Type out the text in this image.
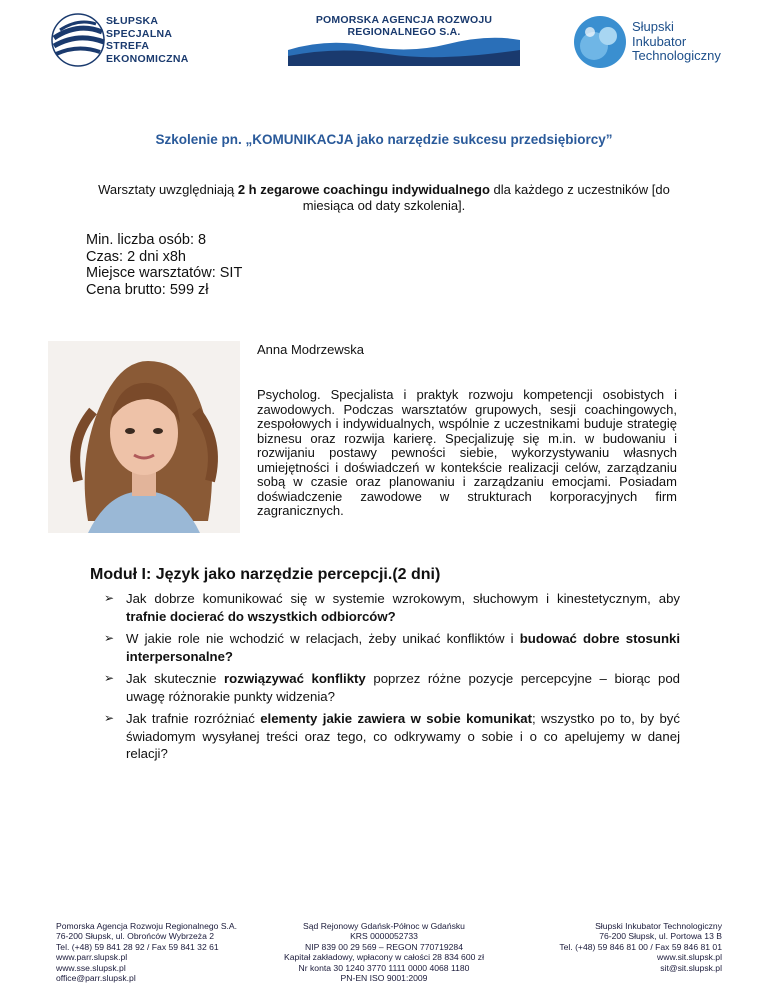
SŁUPSKA
SPECJALNA
STREFA
EKONOMICZNA
POMORSKA AGENCJA ROZWOJU
REGIONALNEGO S.A.	Słupski
Inkubator
Technologiczny
Szkolenie pn. „KOMUNIKACJA jako narzędzie sukcesu przedsiębiorcy”
Warsztaty uwzględniają 2 h zegarowe coachingu indywidualnego dla każdego z uczestników [do miesiąca od daty szkolenia].
Min. liczba osób: 8
Czas: 2 dni x8h
Miejsce warsztatów: SIT
Cena brutto: 599 zł
Anna Modrzewska
Psycholog. Specjalista i praktyk rozwoju kompetencji osobistych i zawodowych. Podczas warsztatów grupowych, sesji coachingowych, zespołowych i indywidualnych, wspólnie z uczestnikami buduje strategię biznesu oraz rozwija karierę. Specjalizuję się m.in. w budowaniu i rozwijaniu postawy pewności siebie, wykorzystywaniu własnych umiejętności i doświadczeń w kontekście realizacji celów, zarządzaniu sobą w czasie oraz planowaniu i zarządzaniu emocjami. Posiadam doświadczenie zawodowe w strukturach korporacyjnych firm zagranicznych.
Moduł I: Język jako narzędzie percepcji.(2 dni)
➢ Jak dobrze komunikować się w systemie wzrokowym, słuchowym i kinestetycznym, aby trafnie docierać do wszystkich odbiorców?
➢ W jakie role nie wchodzić w relacjach, żeby unikać konfliktów i budować dobre stosunki interpersonalne?
➢ Jak skutecznie rozwiązywać konflikty poprzez różne pozycje percepcyjne – biorąc pod uwagę różnorakie punkty widzenia?
➢ Jak trafnie rozróżniać elementy jakie zawiera w sobie komunikat; wszystko po to, by być świadomym wysyłanej treści oraz tego, co odkrywamy o sobie i o co apelujemy w danej relacji?
Pomorska Agencja Rozwoju Regionalnego S.A.
76-200 Słupsk, ul. Obrońców Wybrzeża 2
Tel. (+48) 59 841 28 92 / Fax 59 841 32 61
www.parr.slupsk.pl
www.sse.slupsk.pl
office@parr.slupsk.pl
Sąd Rejonowy Gdańsk-Północ w Gdańsku
KRS 0000052733
NIP 839 00 29 569 – REGON 770719284
Kapitał zakładowy, wpłacony w całości 28 834 600 zł
Nr konta 30 1240 3770 1111 0000 4068 1180
PN-EN ISO 9001:2009
Słupski Inkubator Technologiczny
76-200 Słupsk, ul. Portowa 13 B
Tel. (+48) 59 846 81 00 / Fax 59 846 81 01
www.sit.slupsk.pl
sit@sit.slupsk.pl
